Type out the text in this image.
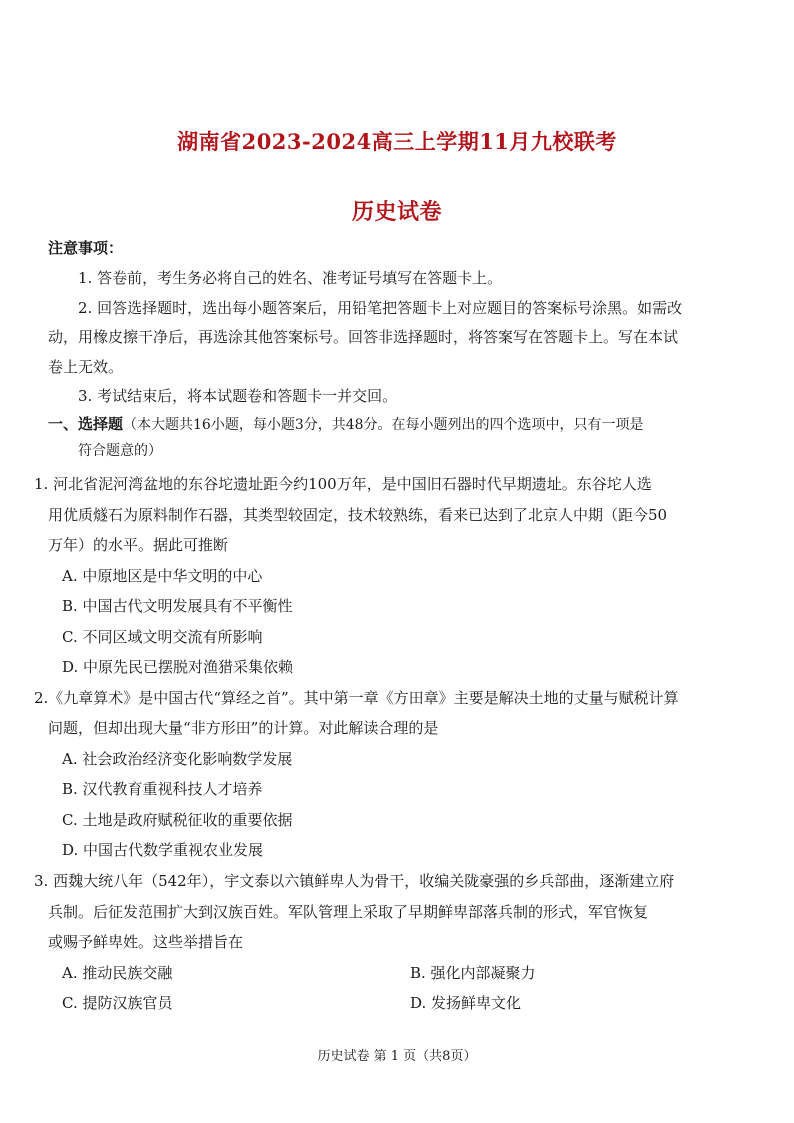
湖南省2023-2024高三上学期11月九校联考
历史试卷
注意事项：
1. 答卷前，考生务必将自己的姓名、准考证号填写在答题卡上。
2. 回答选择题时，选出每小题答案后，用铅笔把答题卡上对应题目的答案标号涂黑。如需改
动，用橡皮擦干净后，再选涂其他答案标号。回答非选择题时，将答案写在答题卡上。写在本试
卷上无效。
3. 考试结束后，将本试题卷和答题卡一并交回。
一、选择题（本大题共16小题，每小题3分，共48分。在每小题列出的四个选项中，只有一项是
符合题意的）
1. 河北省泥河湾盆地的东谷坨遗址距今约100万年，是中国旧石器时代早期遗址。东谷坨人选
用优质燧石为原料制作石器，其类型较固定，技术较熟练，看来已达到了北京人中期（距今50
万年）的水平。据此可推断
A. 中原地区是中华文明的中心
B. 中国古代文明发展具有不平衡性
C. 不同区域文明交流有所影响
D. 中原先民已摆脱对渔猎采集依赖
2.《九章算术》是中国古代“算经之首”。其中第一章《方田章》主要是解决土地的丈量与赋税计算
问题，但却出现大量“非方形田”的计算。对此解读合理的是
A. 社会政治经济变化影响数学发展
B. 汉代教育重视科技人才培养
C. 土地是政府赋税征收的重要依据
D. 中国古代数学重视农业发展
3. 西魏大统八年（542年），宇文泰以六镇鲜卑人为骨干，收编关陇豪强的乡兵部曲，逐渐建立府
兵制。后征发范围扩大到汉族百姓。军队管理上采取了早期鲜卑部落兵制的形式，军官恢复
或赐予鲜卑姓。这些举措旨在
A. 推动民族交融	B. 强化内部凝聚力
C. 提防汉族官员	D. 发扬鲜卑文化
历史试卷 第 1 页（共8页）
